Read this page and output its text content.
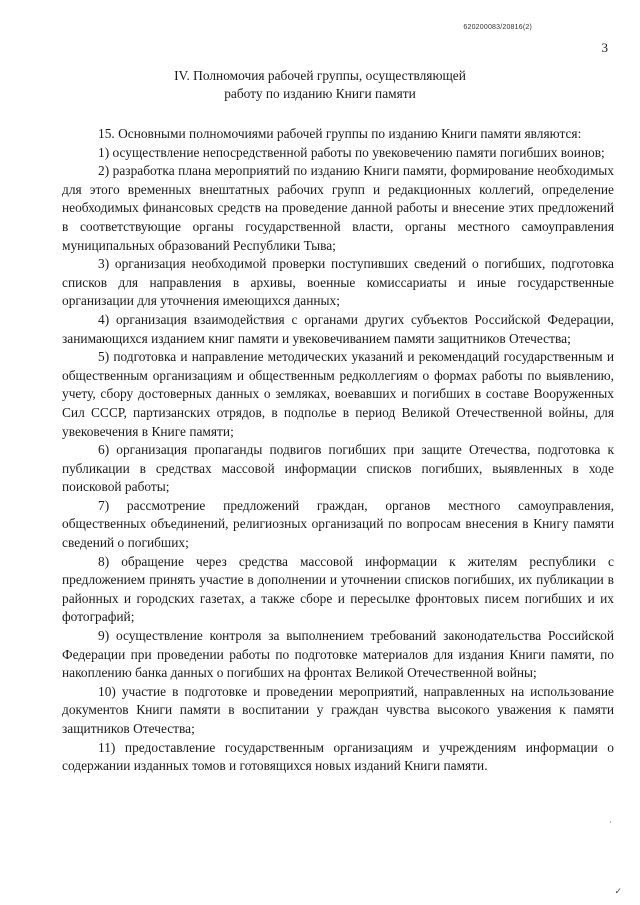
620200083/20816(2)
3
IV. Полномочия рабочей группы, осуществляющей
работу по изданию Книги памяти

15. Основными полномочиями рабочей группы по изданию Книги памяти являются:

1) осуществление непосредственной работы по увековечению памяти погибших воинов;

2) разработка плана мероприятий по изданию Книги памяти, формирование необходимых для этого временных внештатных рабочих групп и редакционных коллегий, определение необходимых финансовых средств на проведение данной работы и внесение этих предложений в соответствующие органы государственной власти, органы местного самоуправления муниципальных образований Республики Тыва;

3) организация необходимой проверки поступивших сведений о погибших, подготовка списков для направления в архивы, военные комиссариаты и иные государственные организации для уточнения имеющихся данных;

4) организация взаимодействия с органами других субъектов Российской Федерации, занимающихся изданием книг памяти и увековечиванием памяти защитников Отечества;

5) подготовка и направление методических указаний и рекомендаций государственным и общественным организациям и общественным редколлегиям о формах работы по выявлению, учету, сбору достоверных данных о земляках, воевавших и погибших в составе Вооруженных Сил СССР, партизанских отрядов, в подполье в период Великой Отечественной войны, для увековечения в Книге памяти;

6) организация пропаганды подвигов погибших при защите Отечества, подготовка к публикации в средствах массовой информации списков погибших, выявленных в ходе поисковой работы;

7) рассмотрение предложений граждан, органов местного самоуправления, общественных объединений, религиозных организаций по вопросам внесения в Книгу памяти сведений о погибших;

8) обращение через средства массовой информации к жителям республики с предложением принять участие в дополнении и уточнении списков погибших, их публикации в районных и городских газетах, а также сборе и пересылке фронтовых писем погибших и их фотографий;

9) осуществление контроля за выполнением требований законодательства Российской Федерации при проведении работы по подготовке материалов для издания Книги памяти, по накоплению банка данных о погибших на фронтах Великой Отечественной войны;

10) участие в подготовке и проведении мероприятий, направленных на использование документов Книги памяти в воспитании у граждан чувства высокого уважения к памяти защитников Отечества;

11) предоставление государственным организациям и учреждениям информации о содержании изданных томов и готовящихся новых изданий Книги памяти.

·
✓
